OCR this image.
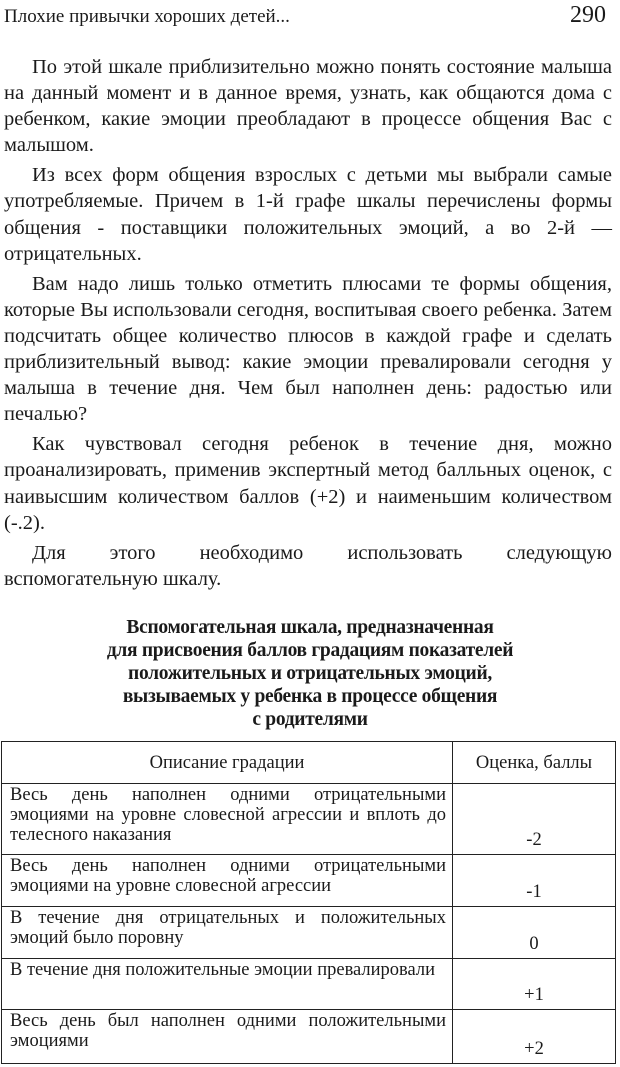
Плохие привычки хороших детей...	290

По этой шкале приблизительно можно понять состояние малыша на данный момент и в данное время, узнать, как общаются дома с ребенком, какие эмоции преобладают в процессе общения Вас с малышом.

Из всех форм общения взрослых с детьми мы выбрали самые употребляемые. Причем в 1-й графе шкалы перечислены формы общения - поставщики положительных эмоций, а во 2-й — отрицательных.

Вам надо лишь только отметить плюсами те формы общения, которые Вы использовали сегодня, воспитывая своего ребенка. Затем подсчитать общее количество плюсов в каждой графе и сделать приблизительный вывод: какие эмоции превалировали сегодня у малыша в течение дня. Чем был наполнен день: радостью или печалью?

Как чувствовал сегодня ребенок в течение дня, можно проанализировать, применив экспертный метод балльных оценок, с наивысшим количеством баллов (+2) и наименьшим количеством (-.2).

Для этого необходимо использовать следующую вспомогательную шкалу.

Вспомогательная шкала, предназначенная
для присвоения баллов градациям показателей
положительных и отрицательных эмоций,
вызываемых у ребенка в процессе общения
с родителями
Описание градации	Оценка, баллы
Весь день наполнен одними отрицательными эмоциями на уровне словесной агрессии и вплоть до телесного наказания	-2
Весь день наполнен одними отрицательными эмоциями на уровне словесной агрессии	-1
В течение дня отрицательных и положительных эмоций было поровну	0
В течение дня положительные эмоции превалировали	+1
Весь день был наполнен одними положительными эмоциями	+2
